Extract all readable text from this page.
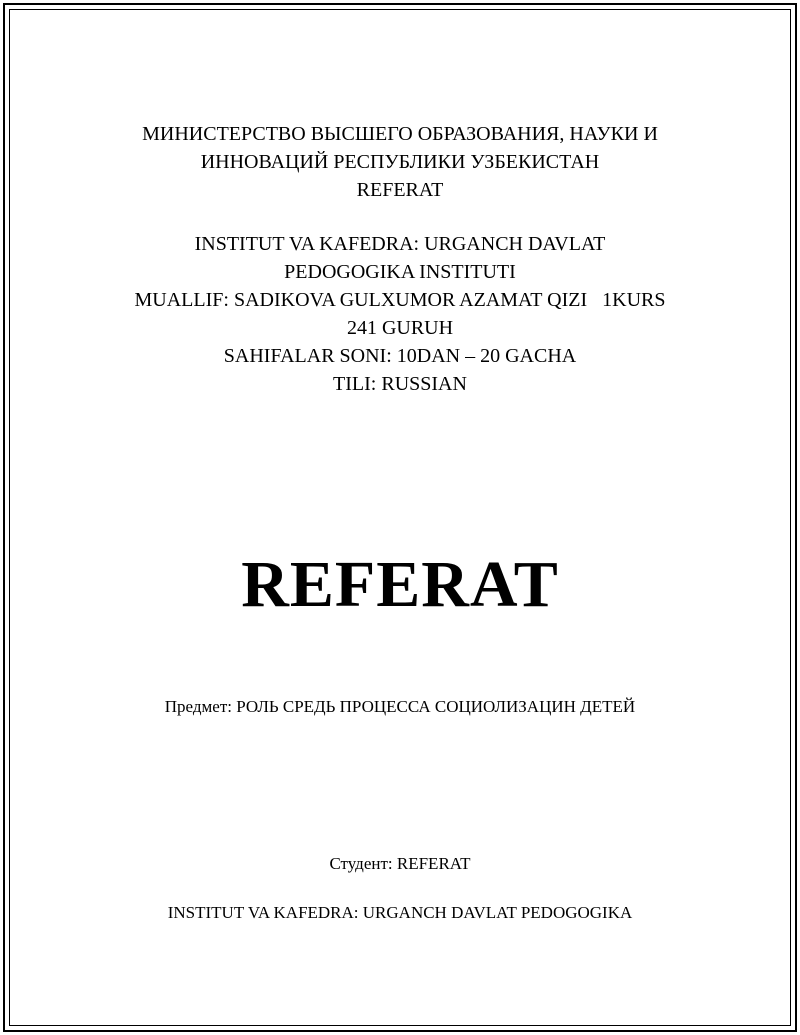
МИНИСТЕРСТВО ВЫСШЕГО ОБРАЗОВАНИЯ, НАУКИ И
ИННОВАЦИЙ РЕСПУБЛИКИ УЗБЕКИСТАН
REFERAT
INSTITUT VA KAFEDRA: URGANCH DAVLAT
PEDOGOGIKA INSTITUTI
MUALLIF: SADIKOVA GULXUMOR AZAMAT QIZI   1KURS
241 GURUH
SAHIFALAR SONI: 10DAN – 20 GACHA
TILI: RUSSIAN
REFERAT
Предмет: РОЛЬ СРЕДЬ ПРОЦЕССА СОЦИОЛИЗАЦИН ДЕТЕЙ
Студент: REFERAT
INSTITUT VA KAFEDRA: URGANCH DAVLAT PEDOGOGIKA
